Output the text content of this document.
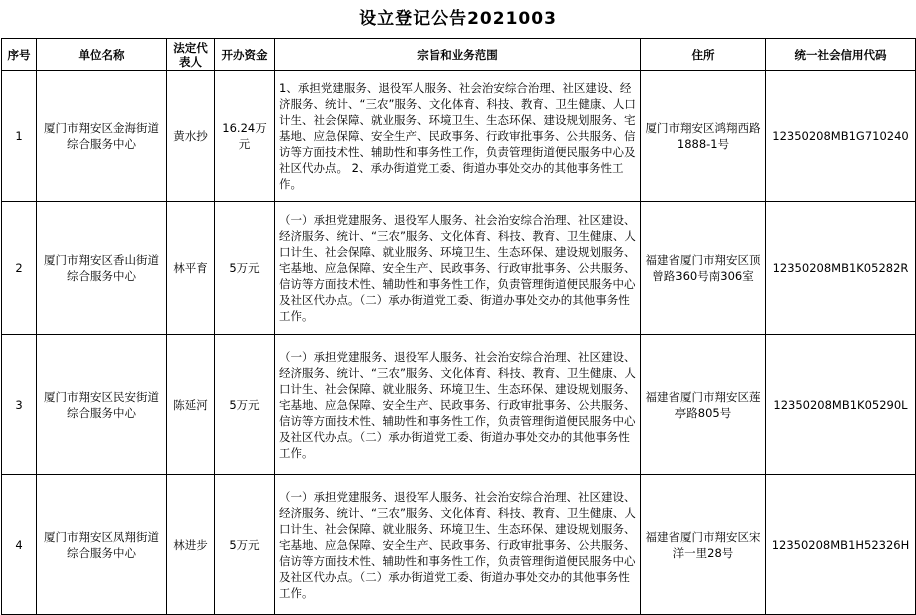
设立登记公告2021003
序号	单位名称	法定代表人	开办资金	宗旨和业务范围	住所	统一社会信用代码
1	厦门市翔安区金海街道综合服务中心	黄水抄	16.24万元	1、承担党建服务、退役军人服务、社会治安综合治理、社区建设、经济服务、统计、“三农”服务、文化体育、科技、教育、卫生健康、人口计生、社会保障、就业服务、环境卫生、生态环保、建设规划服务、宅基地、应急保障、安全生产、民政事务、行政审批事务、公共服务、信访等方面技术性、辅助性和事务性工作，负责管理街道便民服务中心及社区代办点。 2、承办街道党工委、街道办事处交办的其他事务性工作。	厦门市翔安区鸿翔西路1888-1号	12350208MB1G710240
2	厦门市翔安区香山街道综合服务中心	林平育	5万元	（一）承担党建服务、退役军人服务、社会治安综合治理、社区建设、经济服务、统计、“三农”服务、文化体育、科技、教育、卫生健康、人口计生、社会保障、就业服务、环境卫生、生态环保、建设规划服务、宅基地、应急保障、安全生产、民政事务、行政审批事务、公共服务、信访等方面技术性、辅助性和事务性工作，负责管理街道便民服务中心及社区代办点。（二）承办街道党工委、街道办事处交办的其他事务性工作。	福建省厦门市翔安区顶曾路360号南306室	12350208MB1K05282R
3	厦门市翔安区民安街道综合服务中心	陈延河	5万元	（一）承担党建服务、退役军人服务、社会治安综合治理、社区建设、经济服务、统计、“三农”服务、文化体育、科技、教育、卫生健康、人口计生、社会保障、就业服务、环境卫生、生态环保、建设规划服务、宅基地、应急保障、安全生产、民政事务、行政审批事务、公共服务、信访等方面技术性、辅助性和事务性工作，负责管理街道便民服务中心及社区代办点。（二）承办街道党工委、街道办事处交办的其他事务性工作。	福建省厦门市翔安区莲亭路805号	12350208MB1K05290L
4	厦门市翔安区凤翔街道综合服务中心	林进步	5万元	（一）承担党建服务、退役军人服务、社会治安综合治理、社区建设、经济服务、统计、“三农”服务、文化体育、科技、教育、卫生健康、人口计生、社会保障、就业服务、环境卫生、生态环保、建设规划服务、宅基地、应急保障、安全生产、民政事务、行政审批事务、公共服务、信访等方面技术性、辅助性和事务性工作，负责管理街道便民服务中心及社区代办点。（二）承办街道党工委、街道办事处交办的其他事务性工作。	福建省厦门市翔安区宋洋一里28号	12350208MB1H52326H
